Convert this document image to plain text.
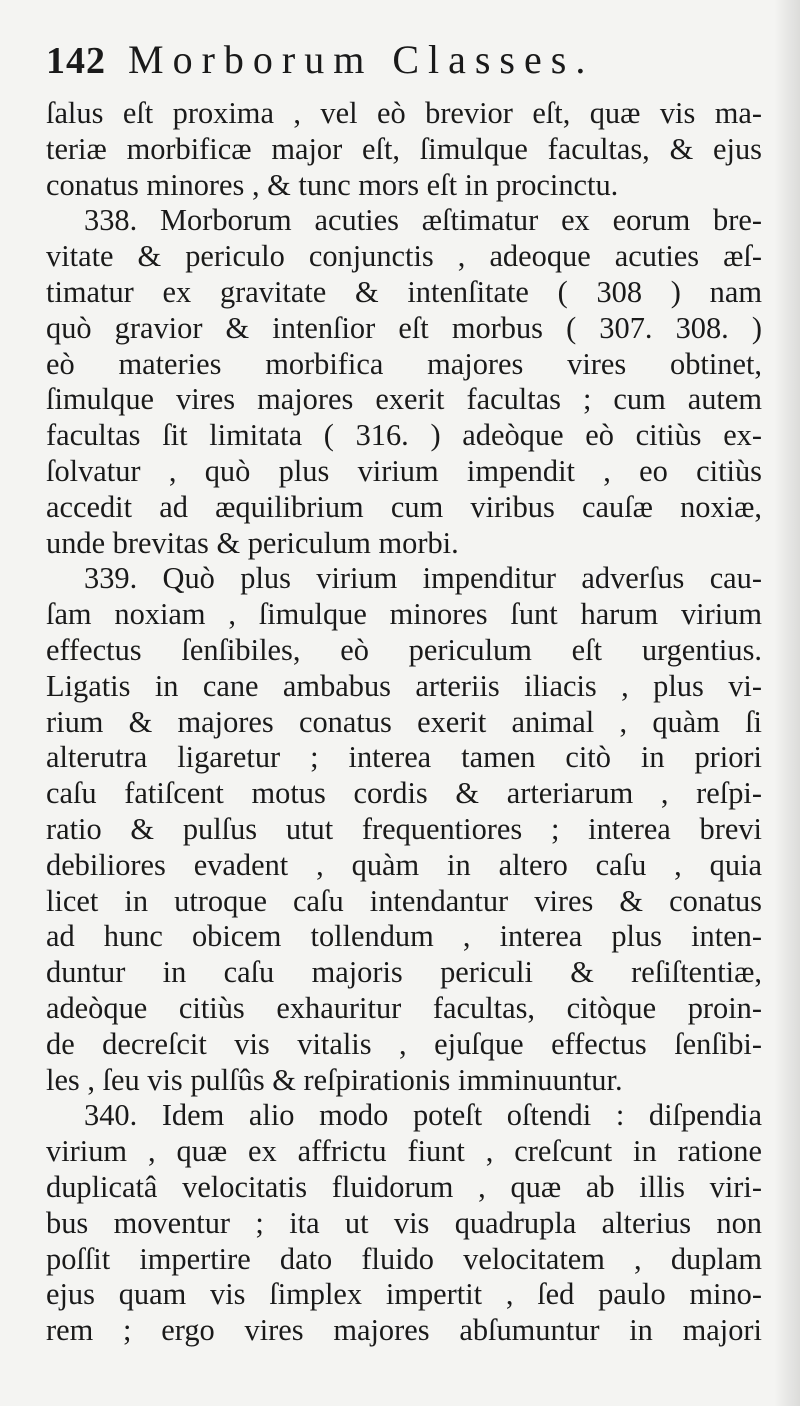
142 Morborum Classes.
ſalus eſt proxima , vel eò brevior eſt, quæ vis ma-
teriæ morbificæ major eſt, ſimulque facultas, & ejus
conatus minores , & tunc mors eſt in procinctu.
338. Morborum acuties æſtimatur ex eorum bre-
vitate & periculo conjunctis , adeoque acuties æſ-
timatur ex gravitate & intenſitate ( 308 ) nam
quò gravior & intenſior eſt morbus ( 307. 308. )
eò materies morbifica majores vires obtinet,
ſimulque vires majores exerit facultas ; cum autem
facultas ſit limitata ( 316. ) adeòque eò citiùs ex-
ſolvatur , quò plus virium impendit , eo citiùs
accedit ad æquilibrium cum viribus cauſæ noxiæ,
unde brevitas & periculum morbi.
339. Quò plus virium impenditur adverſus cau-
ſam noxiam , ſimulque minores ſunt harum virium
effectus ſenſibiles, eò periculum eſt urgentius.
Ligatis in cane ambabus arteriis iliacis , plus vi-
rium & majores conatus exerit animal , quàm ſi
alterutra ligaretur ; interea tamen citò in priori
caſu fatiſcent motus cordis & arteriarum , reſpi-
ratio & pulſus utut frequentiores ; interea brevi
debiliores evadent , quàm in altero caſu , quia
licet in utroque caſu intendantur vires & conatus
ad hunc obicem tollendum , interea plus inten-
duntur in caſu majoris periculi & reſiſtentiæ,
adeòque citiùs exhauritur facultas, citòque proin-
de decreſcit vis vitalis , ejuſque effectus ſenſibi-
les , ſeu vis pulſûs & reſpirationis imminuuntur.
340. Idem alio modo poteſt oſtendi : diſpendia
virium , quæ ex affrictu fiunt , creſcunt in ratione
duplicatâ velocitatis fluidorum , quæ ab illis viri-
bus moventur ; ita ut vis quadrupla alterius non
poſſit impertire dato fluido velocitatem , duplam
ejus quam vis ſimplex impertit , ſed paulo mino-
rem ; ergo vires majores abſumuntur in majori
